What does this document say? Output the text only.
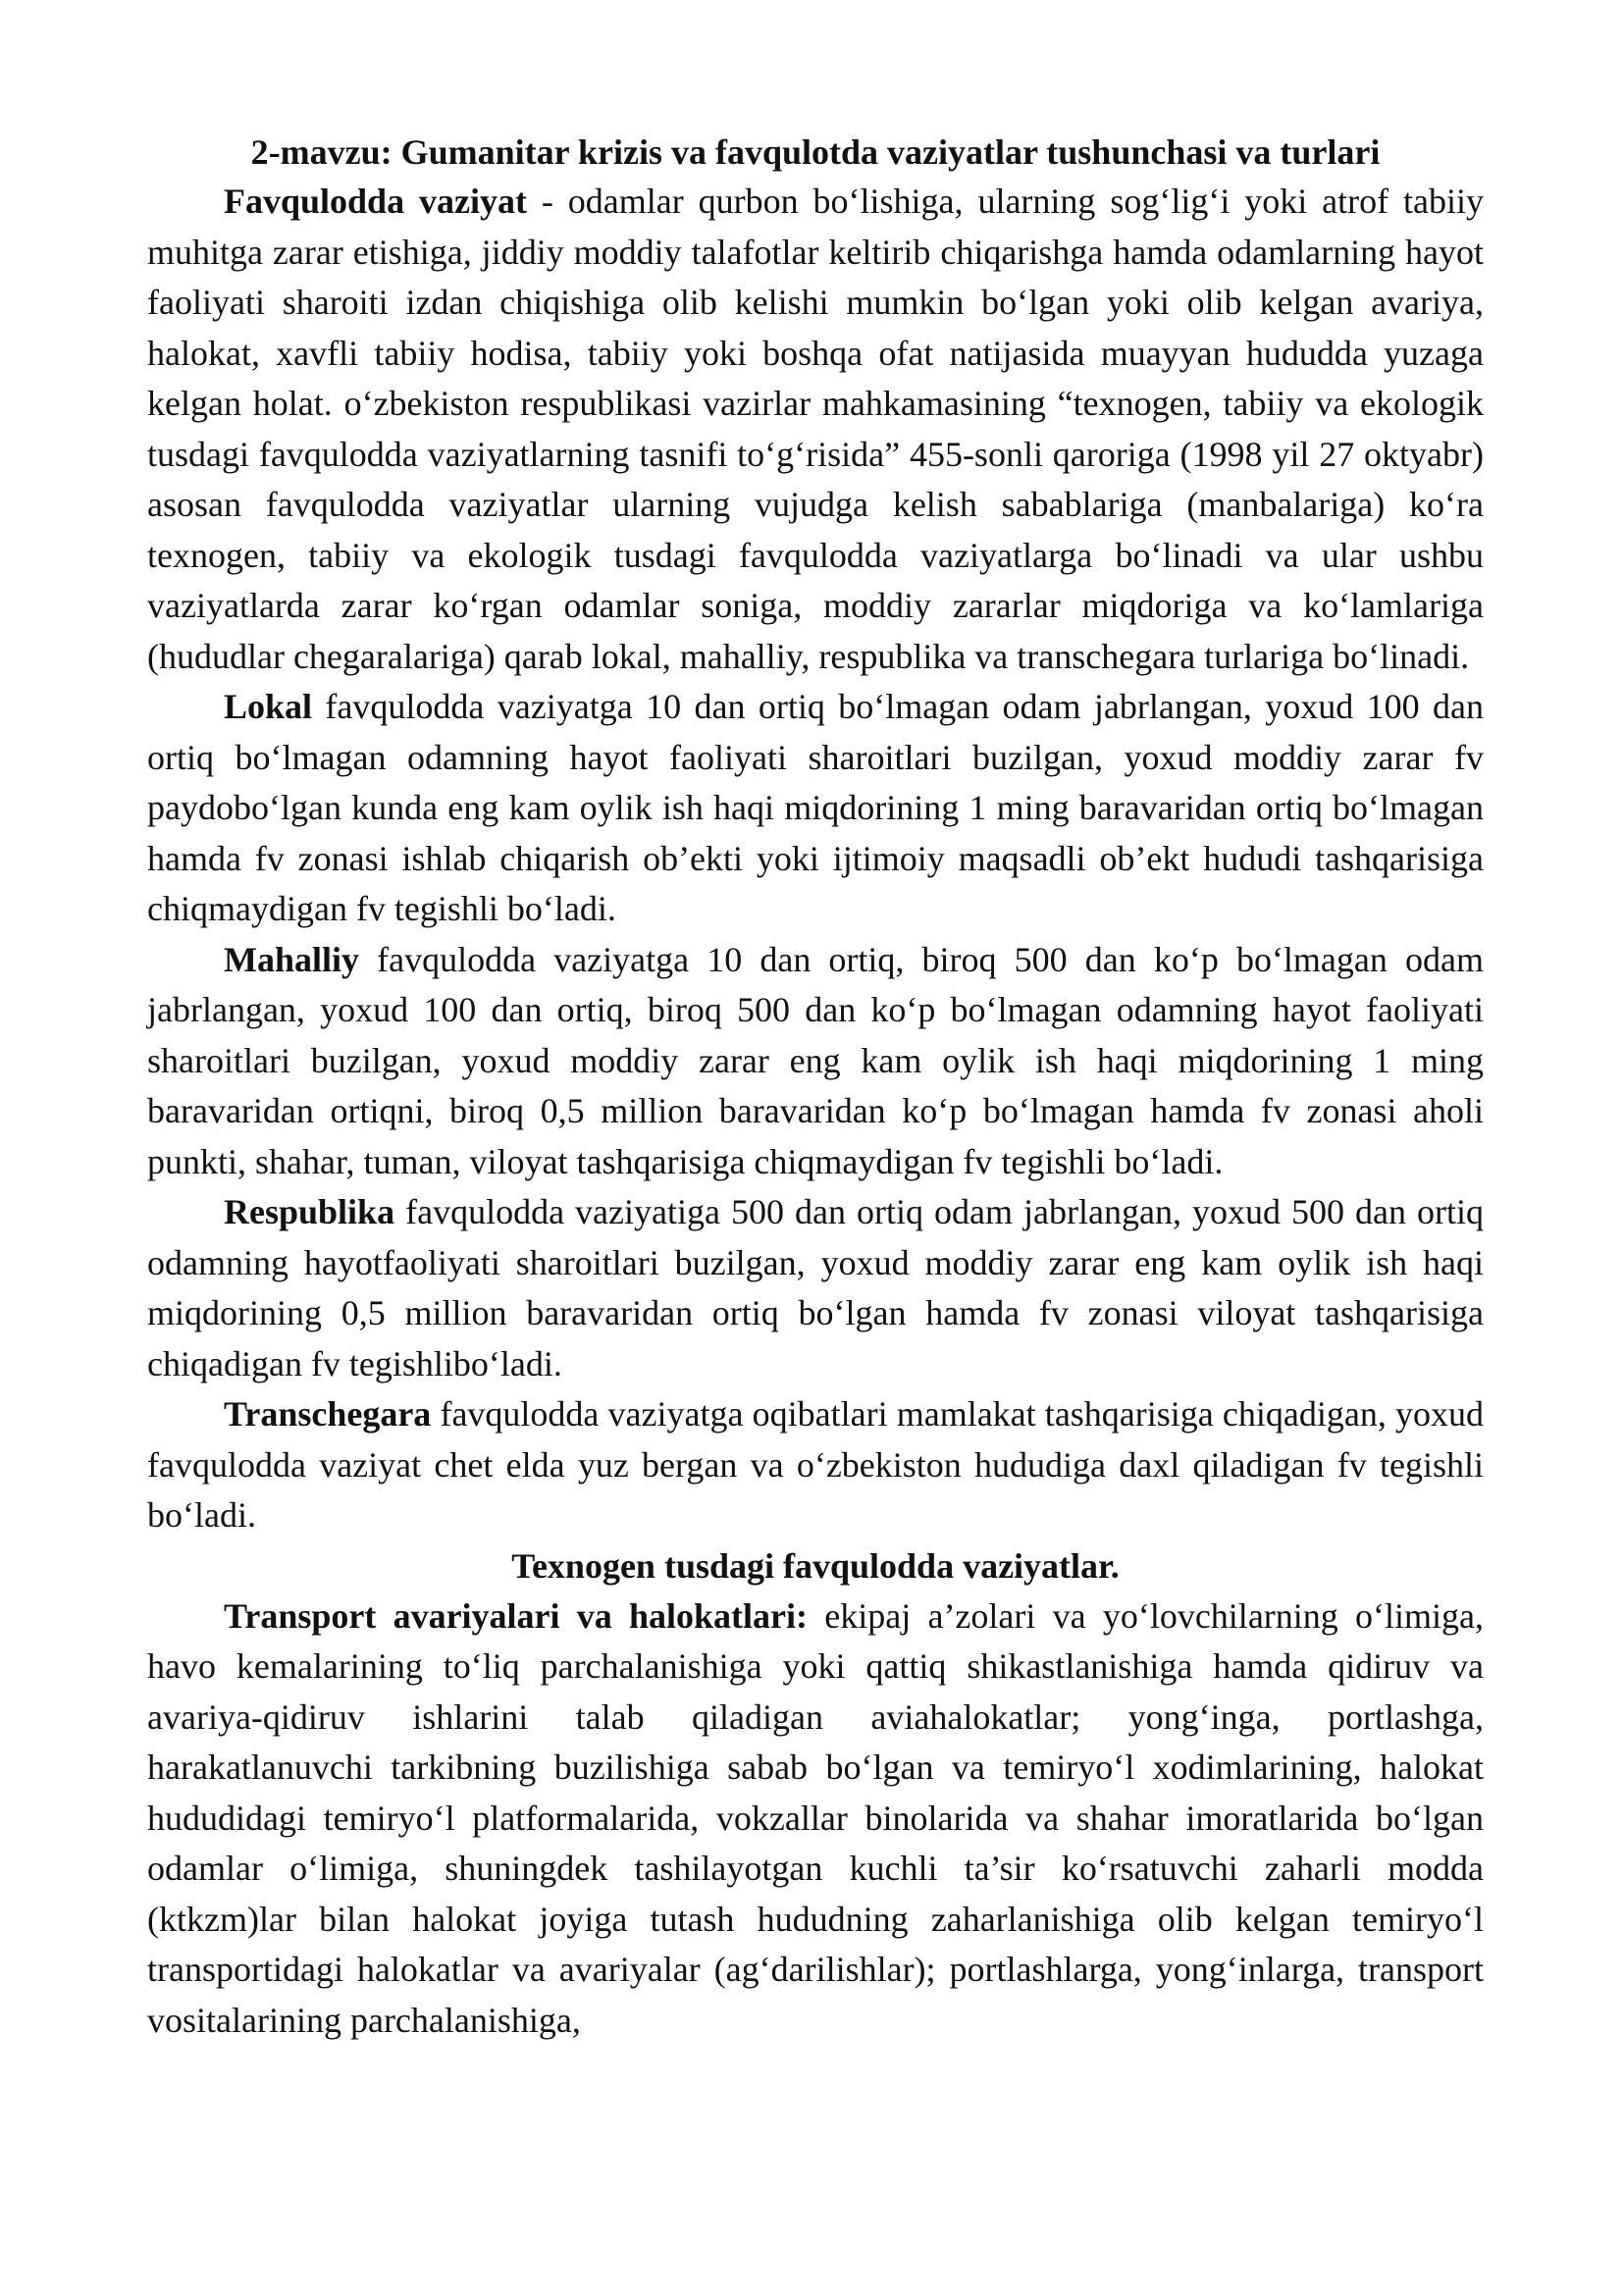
2-mavzu: Gumanitar krizis va favqulotda vaziyatlar tushunchasi va turlari

Favqulodda vaziyat - odamlar qurbon bo‘lishiga, ularning sog‘lig‘i yoki atrof tabiiy muhitga zarar etishiga, jiddiy moddiy talafotlar keltirib chiqarishga hamda odamlarning hayot faoliyati sharoiti izdan chiqishiga olib kelishi mumkin bo‘lgan yoki olib kelgan avariya, halokat, xavfli tabiiy hodisa, tabiiy yoki boshqa ofat natijasida muayyan hududda yuzaga kelgan holat. o‘zbekiston respublikasi vazirlar mahkamasining “texnogen, tabiiy va ekologik tusdagi favqulodda vaziyatlarning tasnifi to‘g‘risida” 455-sonli qaroriga (1998 yil 27 oktyabr) asosan favqulodda vaziyatlar ularning vujudga kelish sabablariga (manbalariga) ko‘ra texnogen, tabiiy va ekologik tusdagi favqulodda vaziyatlarga bo‘linadi va ular ushbu vaziyatlarda zarar ko‘rgan odamlar soniga, moddiy zararlar miqdoriga va ko‘lamlariga (hududlar chegaralariga) qarab lokal, mahalliy, respublika va transchegara turlariga bo‘linadi.

Lokal favqulodda vaziyatga 10 dan ortiq bo‘lmagan odam jabrlangan, yoxud 100 dan ortiq bo‘lmagan odamning hayot faoliyati sharoitlari buzilgan, yoxud moddiy zarar fv paydobo‘lgan kunda eng kam oylik ish haqi miqdorining 1 ming baravaridan ortiq bo‘lmagan hamda fv zonasi ishlab chiqarish ob’ekti yoki ijtimoiy maqsadli ob’ekt hududi tashqarisiga chiqmaydigan fv tegishli bo‘ladi.

Mahalliy favqulodda vaziyatga 10 dan ortiq, biroq 500 dan ko‘p bo‘lmagan odam jabrlangan, yoxud 100 dan ortiq, biroq 500 dan ko‘p bo‘lmagan odamning hayot faoliyati sharoitlari buzilgan, yoxud moddiy zarar eng kam oylik ish haqi miqdorining 1 ming baravaridan ortiqni, biroq 0,5 million baravaridan ko‘p bo‘lmagan hamda fv zonasi aholi punkti, shahar, tuman, viloyat tashqarisiga chiqmaydigan fv tegishli bo‘ladi.

Respublika favqulodda vaziyatiga 500 dan ortiq odam jabrlangan, yoxud 500 dan ortiq odamning hayotfaoliyati sharoitlari buzilgan, yoxud moddiy zarar eng kam oylik ish haqi miqdorining 0,5 million baravaridan ortiq bo‘lgan hamda fv zonasi viloyat tashqarisiga chiqadigan fv tegishlibo‘ladi.

Transchegara favqulodda vaziyatga oqibatlari mamlakat tashqarisiga chiqadigan, yoxud favqulodda vaziyat chet elda yuz bergan va o‘zbekiston hududiga daxl qiladigan fv tegishli bo‘ladi.

Texnogen tusdagi favqulodda vaziyatlar.

Transport avariyalari va halokatlari: ekipaj a’zolari va yo‘lovchilarning o‘limiga, havo kemalarining to‘liq parchalanishiga yoki qattiq shikastlanishiga hamda qidiruv va avariya-qidiruv ishlarini talab qiladigan aviahalokatlar; yong‘inga, portlashga, harakatlanuvchi tarkibning buzilishiga sabab bo‘lgan va temiryo‘l xodimlarining, halokat hududidagi temiryo‘l platformalarida, vokzallar binolarida va shahar imoratlarida bo‘lgan odamlar o‘limiga, shuningdek tashilayotgan kuchli ta’sir ko‘rsatuvchi zaharli modda (ktkzm)lar bilan halokat joyiga tutash hududning zaharlanishiga olib kelgan temiryo‘l transportidagi halokatlar va avariyalar (ag‘darilishlar); portlashlarga, yong‘inlarga, transport vositalarining parchalanishiga,
